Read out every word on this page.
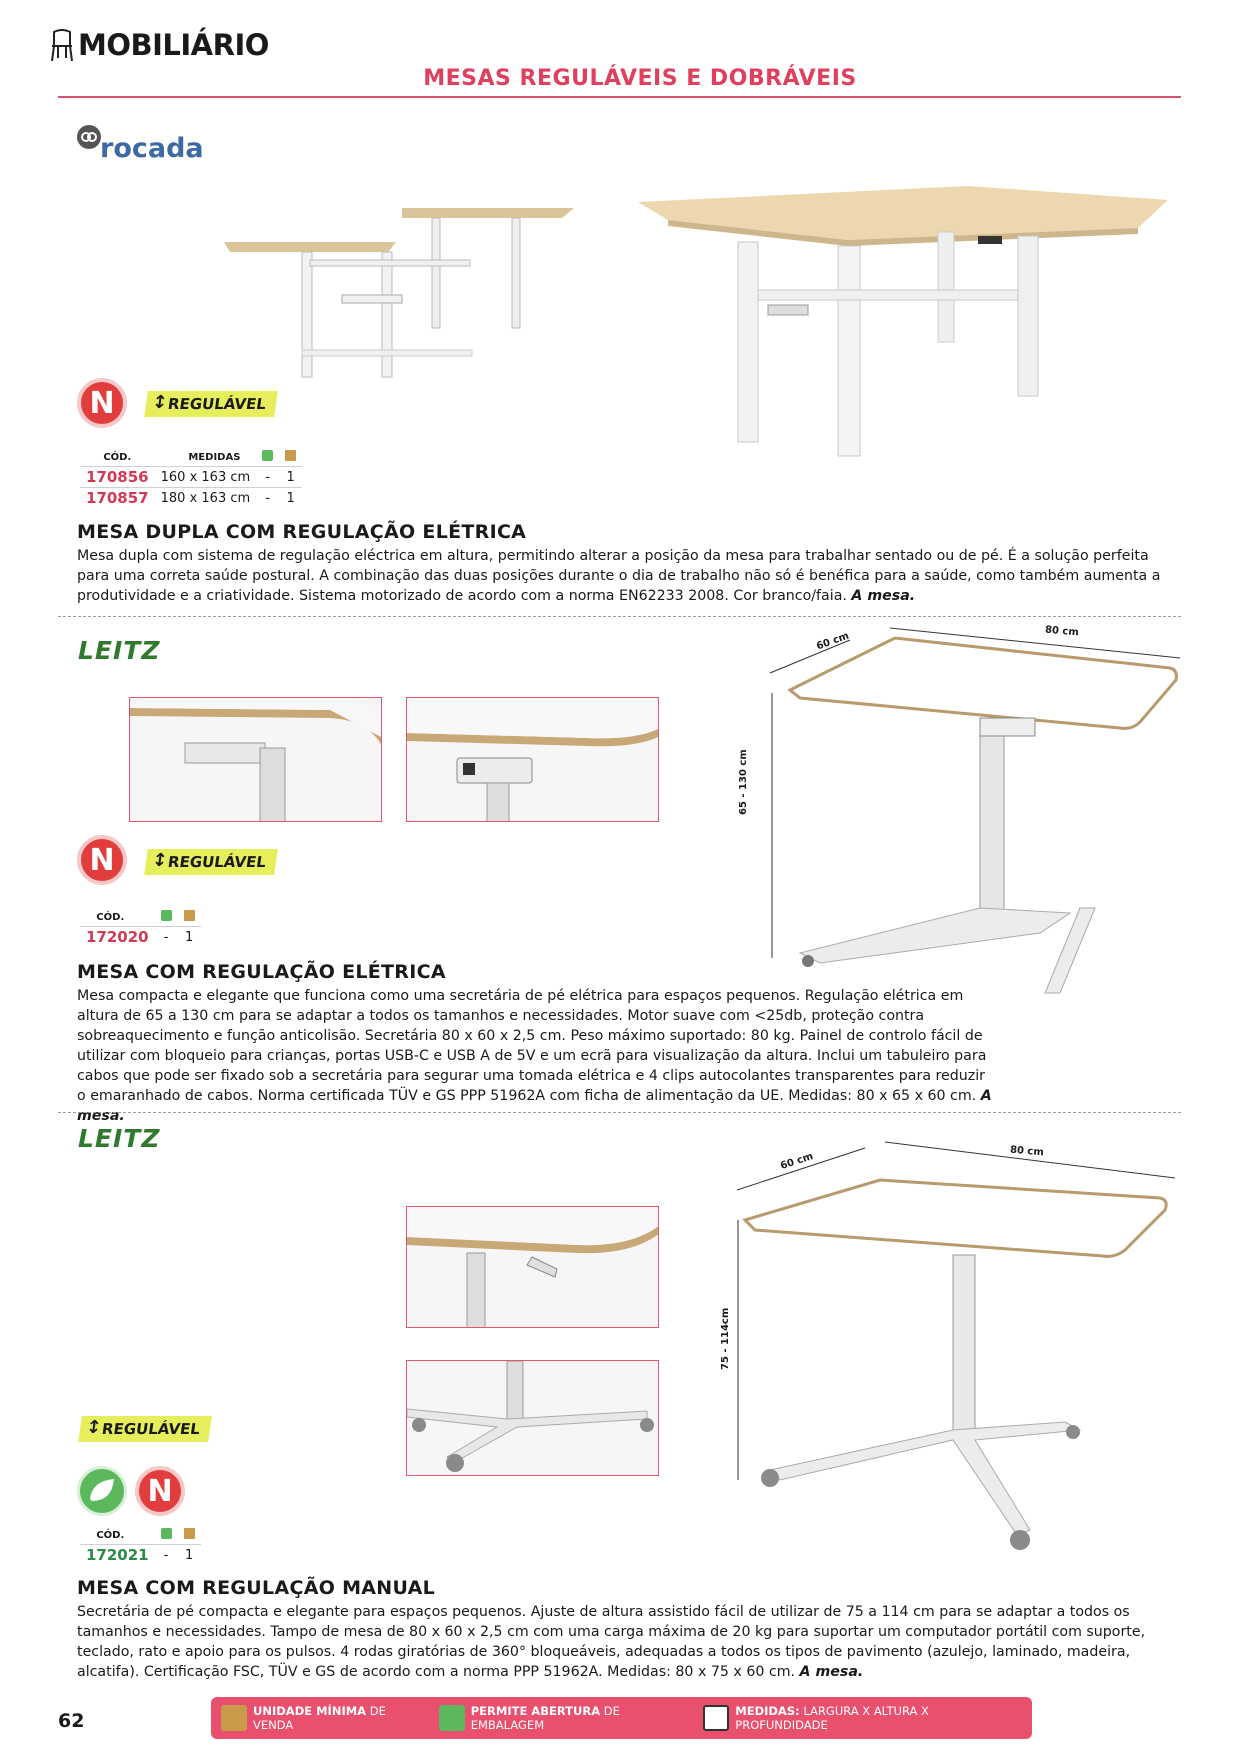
MOBILIÁRIO
MESAS REGULÁVEIS E DOBRÁVEIS
rocada
N	↕
REGULÁVEL
CÓD.	MEDIDAS		
170856	160 x 163 cm	-	1
170857	180 x 163 cm	-	1
MESA DUPLA COM REGULAÇÃO ELÉTRICA
Mesa dupla com sistema de regulação eléctrica em altura, permitindo alterar a posição da mesa para trabalhar sentado ou de pé. É a solução perfeita para uma correta saúde postural. A combinação das duas posições durante o dia de trabalho não só é benéfica para a saúde, como também aumenta a produtividade e a criatividade. Sistema motorizado de acordo com a norma EN62233 2008. Cor branco/faia. A mesa.
LEITZ	60 cm	80 cm
65 - 130 cm
N	↕
REGULÁVEL
CÓD.		
172020	-	1
MESA COM REGULAÇÃO ELÉTRICA
Mesa compacta e elegante que funciona como uma secretária de pé elétrica para espaços pequenos. Regulação elétrica em altura de 65 a 130 cm para se adaptar a todos os tamanhos e necessidades. Motor suave com <25db, proteção contra sobreaquecimento e função anticolisão. Secretária 80 x 60 x 2,5 cm. Peso máximo suportado: 80 kg. Painel de controlo fácil de utilizar com bloqueio para crianças, portas USB-C e USB A de 5V e um ecrã para visualização da altura. Inclui um tabuleiro para cabos que pode ser fixado sob a secretária para segurar uma tomada elétrica e 4 clips autocolantes transparentes para reduzir o emaranhado de cabos. Norma certificada TÜV e GS PPP 51962A com ficha de alimentação da UE. Medidas: 80 x 65 x 60 cm. A mesa.
LEITZ
60 cm	80 cm
75 - 114cm
↕
REGULÁVEL
N
CÓD.		
172021	-	1
MESA COM REGULAÇÃO MANUAL
Secretária de pé compacta e elegante para espaços pequenos. Ajuste de altura assistido fácil de utilizar de 75 a 114 cm para se adaptar a todos os tamanhos e necessidades. Tampo de mesa de 80 x 60 x 2,5 cm com uma carga máxima de 20 kg para suportar um computador portátil com suporte, teclado, rato e apoio para os pulsos. 4 rodas giratórias de 360° bloqueáveis, adequadas a todos os tipos de pavimento (azulejo, laminado, madeira, alcatifa). Certificação FSC, TÜV e GS de acordo com a norma PPP 51962A. Medidas: 80 x 75 x 60 cm. A mesa.
62	UNIDADE MÍNIMA DE VENDA
PERMITE ABERTURA DE EMBALAGEM
MEDIDAS: LARGURA X ALTURA X PROFUNDIDADE
